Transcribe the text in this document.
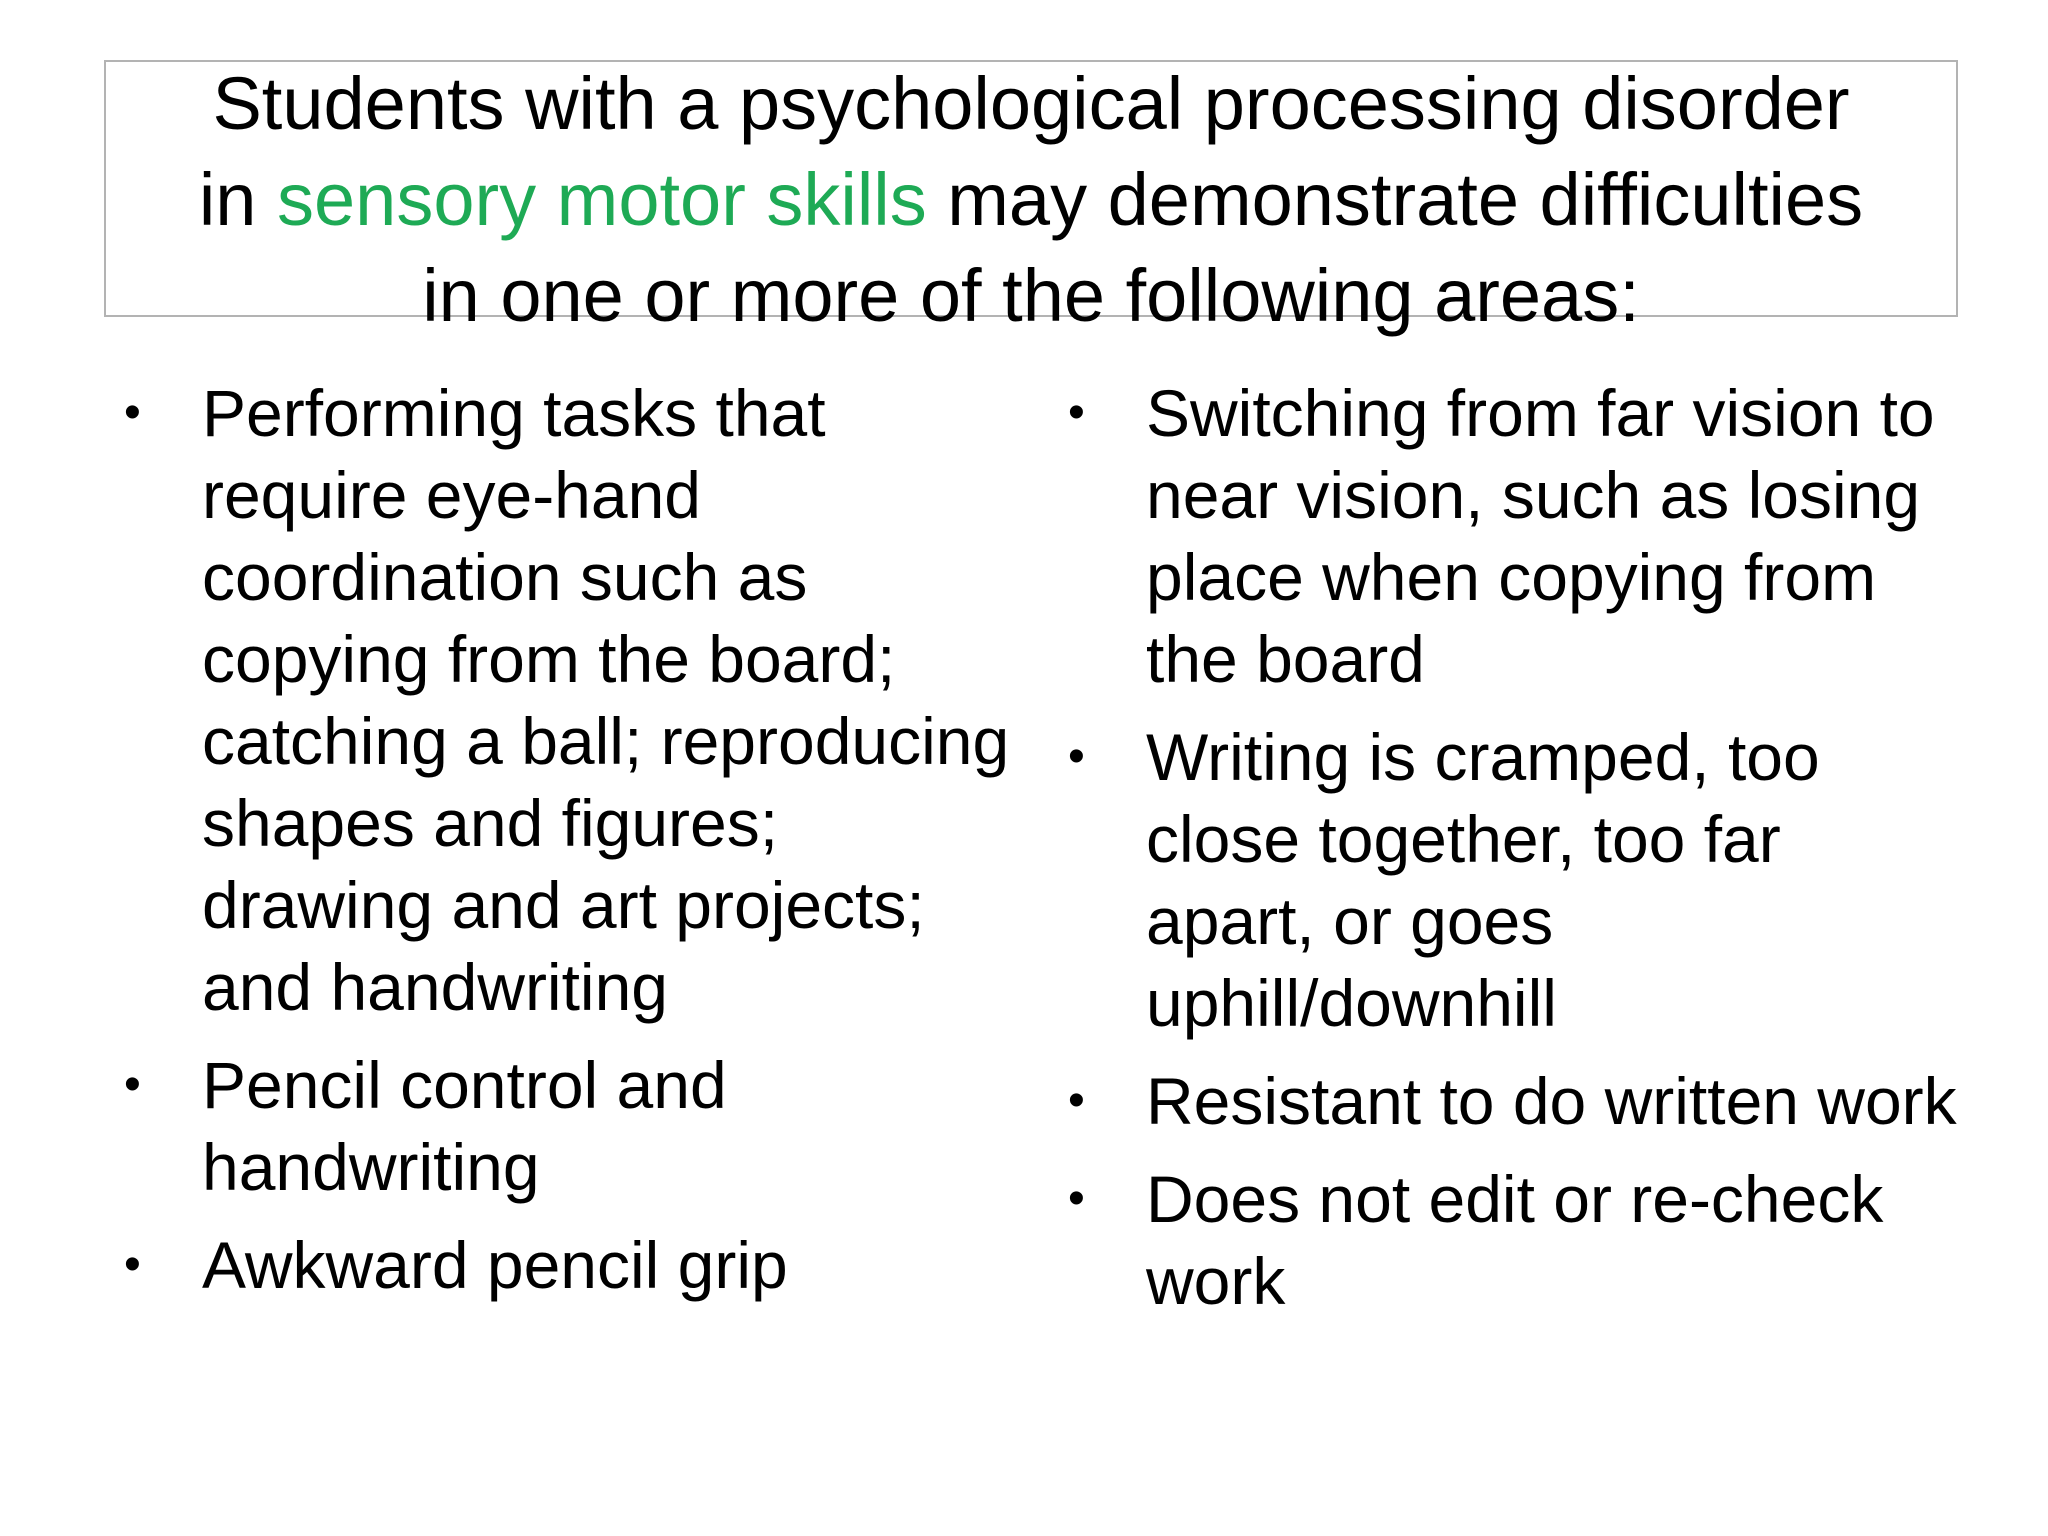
Students with a psychological processing disorder
in sensory motor skills may demonstrate difficulties
in one or more of the following areas:
• Performing tasks that require eye-hand coordination such as copying from the board; catching a ball; reproducing shapes and figures; drawing and art projects; and handwriting
• Pencil control and handwriting
• Awkward pencil grip
• Switching from far vision to near vision, such as losing place when copying from the board
• Writing is cramped, too close together, too far apart, or goes uphill/downhill
• Resistant to do written work
• Does not edit or re-check work
